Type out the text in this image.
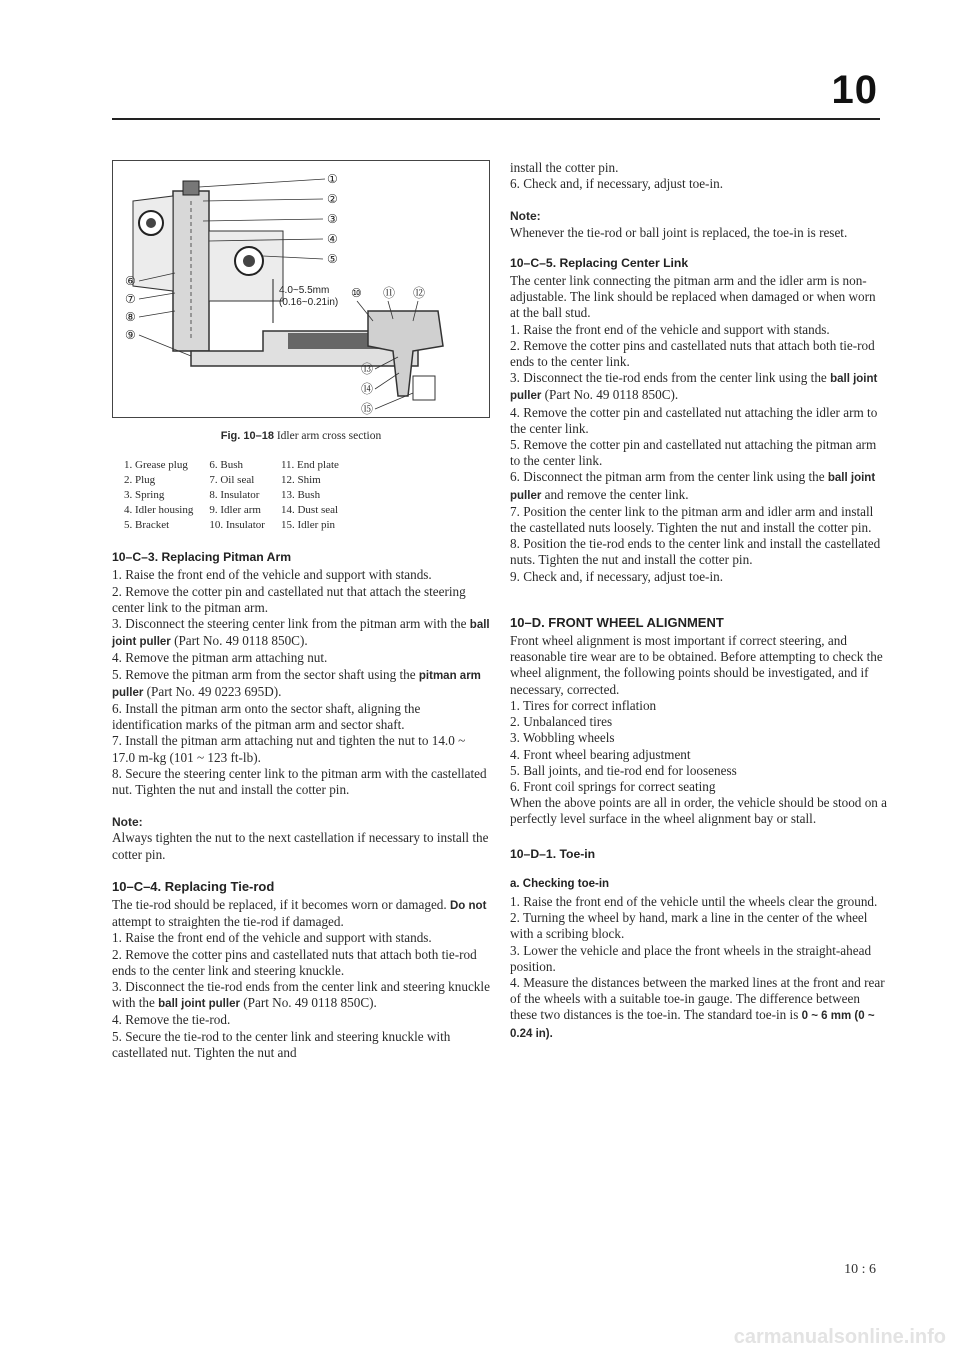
10
4.0~5.5mm
(0.16~0.21in)
①
②
③
④
⑤
⑥
⑦
⑧
⑨
⑩ ⑪ ⑫
⑬
⑭
⑮
Fig. 10–18 Idler arm cross section
1. Grease plug	6. Bush	11. End plate
2. Plug	7. Oil seal	12. Shim
3. Spring	8. Insulator	13. Bush
4. Idler housing	9. Idler arm	14. Dust seal
5. Bracket	10. Insulator	15. Idler pin
10–C–3. Replacing Pitman Arm

1. Raise the front end of the vehicle and support with stands.

2. Remove the cotter pin and castellated nut that attach the steering center link to the pitman arm.

3. Disconnect the steering center link from the pitman arm with the ball joint puller (Part No. 49 0118 850C).

4. Remove the pitman arm attaching nut.

5. Remove the pitman arm from the sector shaft using the pitman arm puller (Part No. 49 0223 695D).

6. Install the pitman arm onto the sector shaft, aligning the identification marks of the pitman arm and sector shaft.

7. Install the pitman arm attaching nut and tighten the nut to 14.0 ~ 17.0 m-kg (101 ~ 123 ft-lb).

8. Secure the steering center link to the pitman arm with the castellated nut. Tighten the nut and install the cotter pin.

Note:

Always tighten the nut to the next castellation if necessary to install the cotter pin.

10–C–4. Replacing Tie-rod

The tie-rod should be replaced, if it becomes worn or damaged. Do not attempt to straighten the tie-rod if damaged.

1. Raise the front end of the vehicle and support with stands.

2. Remove the cotter pins and castellated nuts that attach both tie-rod ends to the center link and steering knuckle.

3. Disconnect the tie-rod ends from the center link and steering knuckle with the ball joint puller (Part No. 49 0118 850C).

4. Remove the tie-rod.

5. Secure the tie-rod to the center link and steering knuckle with castellated nut. Tighten the nut and

install the cotter pin.

6. Check and, if necessary, adjust toe-in.

Note:

Whenever the tie-rod or ball joint is replaced, the toe-in is reset.

10–C–5. Replacing Center Link

The center link connecting the pitman arm and the idler arm is non-adjustable. The link should be replaced when damaged or when worn at the ball stud.

1. Raise the front end of the vehicle and support with stands.

2. Remove the cotter pins and castellated nuts that attach both tie-rod ends to the center link.

3. Disconnect the tie-rod ends from the center link using the ball joint puller (Part No. 49 0118 850C).

4. Remove the cotter pin and castellated nut attaching the idler arm to the center link.

5. Remove the cotter pin and castellated nut attaching the pitman arm to the center link.

6. Disconnect the pitman arm from the center link using the ball joint puller and remove the center link.

7. Position the center link to the pitman arm and idler arm and install the castellated nuts loosely. Tighten the nut and install the cotter pin.

8. Position the tie-rod ends to the center link and install the castellated nuts. Tighten the nut and install the cotter pin.

9. Check and, if necessary, adjust toe-in.

10–D. FRONT WHEEL ALIGNMENT

Front wheel alignment is most important if correct steering, and reasonable tire wear are to be obtained. Before attempting to check the wheel alignment, the following points should be investigated, and if necessary, corrected.

1. Tires for correct inflation

2. Unbalanced tires

3. Wobbling wheels

4. Front wheel bearing adjustment

5. Ball joints, and tie-rod end for looseness

6. Front coil springs for correct seating

When the above points are all in order, the vehicle should be stood on a perfectly level surface in the wheel alignment bay or stall.

10–D–1. Toe-in
a. Checking toe-in

1. Raise the front end of the vehicle until the wheels clear the ground.

2. Turning the wheel by hand, mark a line in the center of the wheel with a scribing block.

3. Lower the vehicle and place the front wheels in the straight-ahead position.

4. Measure the distances between the marked lines at the front and rear of the wheels with a suitable toe-in gauge. The difference between these two distances is the toe-in. The standard toe-in is 0 ~ 6 mm (0 ~ 0.24 in).

10 : 6
carmanualsonline.info
